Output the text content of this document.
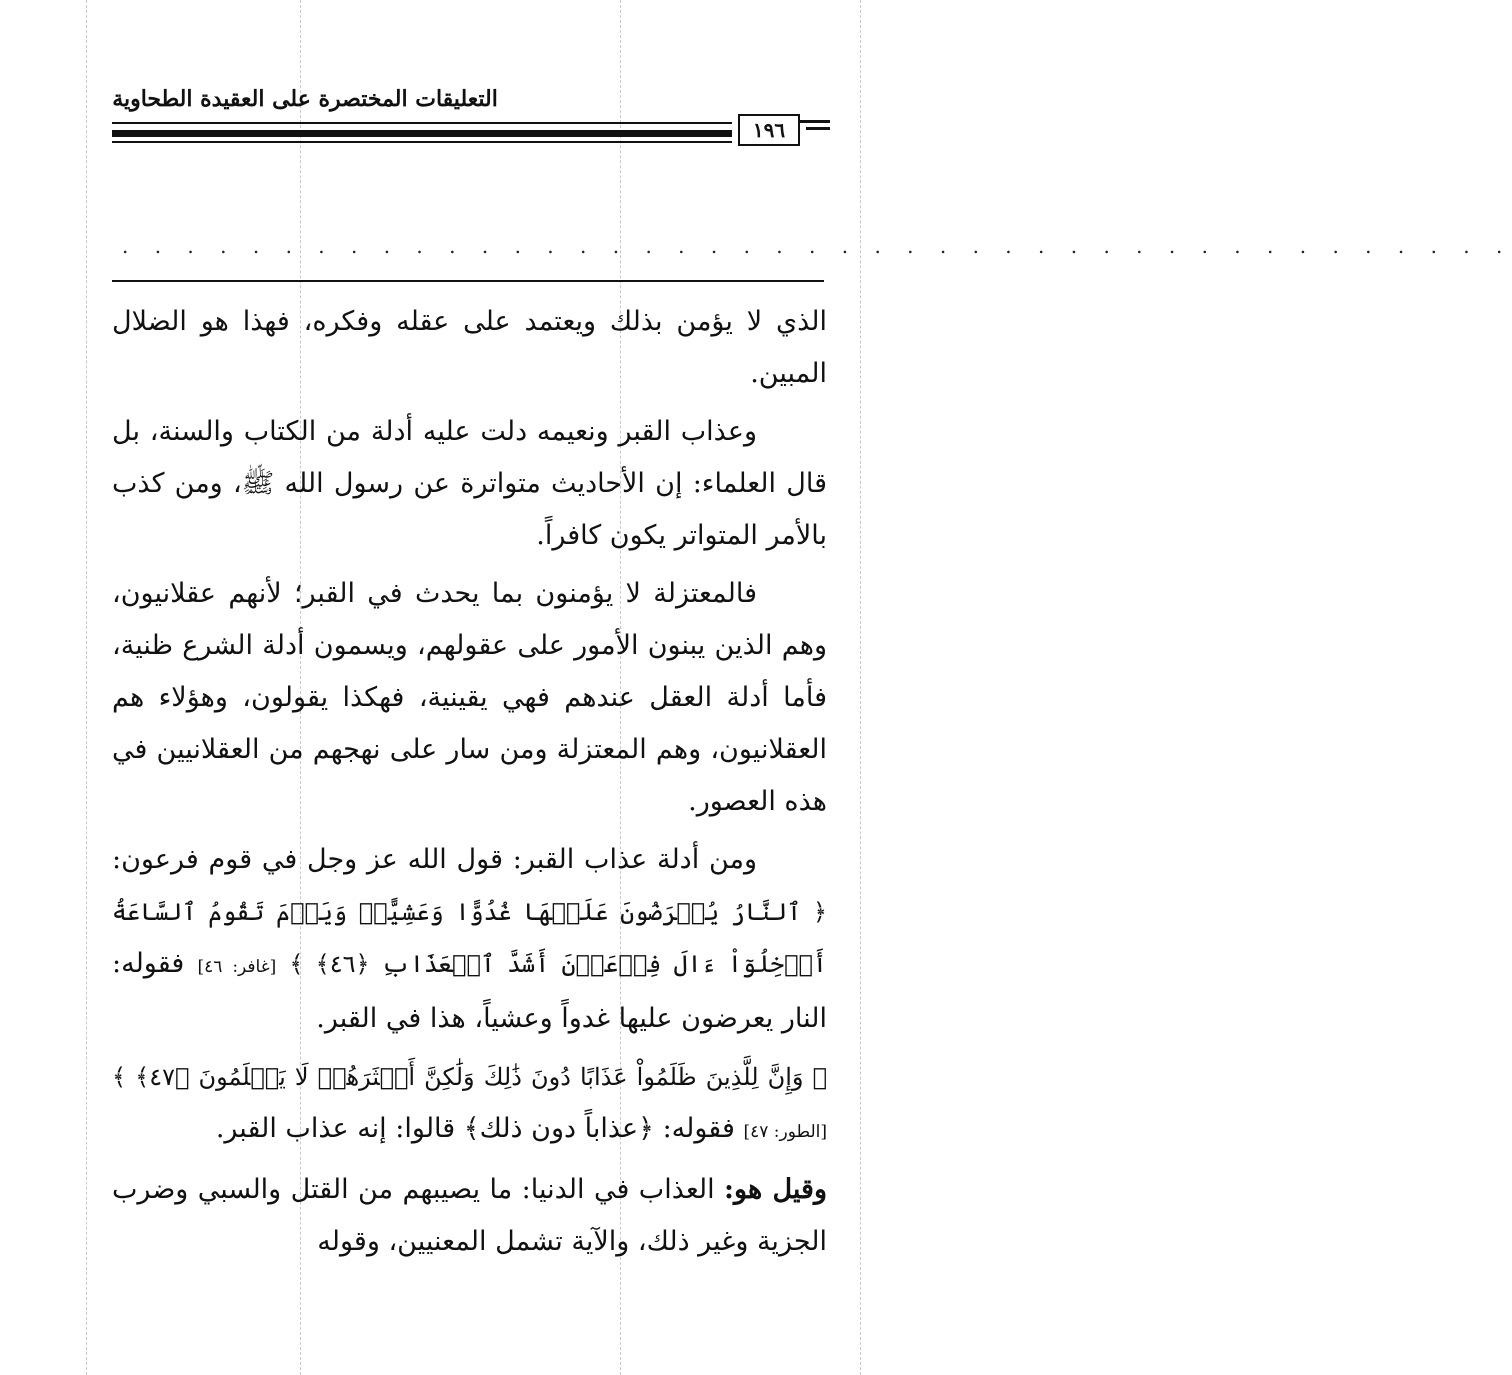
التعليقات المختصرة على العقيدة الطحاوية
١٩٦
. . . . . . . . . . . . . . . . . . . . . . . . . . . . . . . . . . . . . . . . . . .

الذي لا يؤمن بذلك ويعتمد على عقله وفكره، فهذا هو الضلال المبين.

وعذاب القبر ونعيمه دلت عليه أدلة من الكتاب والسنة، بل قال العلماء: إن الأحاديث متواترة عن رسول الله ﷺ، ومن كذب بالأمر المتواتر يكون كافراً.

فالمعتزلة لا يؤمنون بما يحدث في القبر؛ لأنهم عقلانيون، وهم الذين يبنون الأمور على عقولهم، ويسمون أدلة الشرع ظنية، فأما أدلة العقل عندهم فهي يقينية، فهكذا يقولون، وهؤلاء هم العقلانيون، وهم المعتزلة ومن سار على نهجهم من العقلانيين في هذه العصور.

ومن أدلة عذاب القبر: قول الله عز وجل في قوم فرعون: ﴿ ٱلنَّارُ يُعۡرَضُونَ عَلَيۡهَا غُدُوًّا وَعَشِيًّاۚ وَيَوۡمَ تَقُومُ ٱلسَّاعَةُ أَدۡخِلُوٓاْ ءَالَ فِرۡعَوۡنَ أَشَدَّ ٱلۡعَذَابِ ﴿٤٦﴾ ﴾ [غافر: ٤٦] فقوله: النار يعرضون عليها غدواً وعشياً، هذا في القبر.

﴿ وَإِنَّ لِلَّذِينَ ظَلَمُواْ عَذَابًا دُونَ ذَٰلِكَ وَلَٰكِنَّ أَكۡثَرَهُمۡ لَا يَعۡلَمُونَ ﴿٤٧﴾ ﴾ [الطور: ٤٧] فقوله: ﴿عذاباً دون ذلك﴾ قالوا: إنه عذاب القبر.

وقيل هو: العذاب في الدنيا: ما يصيبهم من القتل والسبي وضرب الجزية وغير ذلك، والآية تشمل المعنيين، وقوله
